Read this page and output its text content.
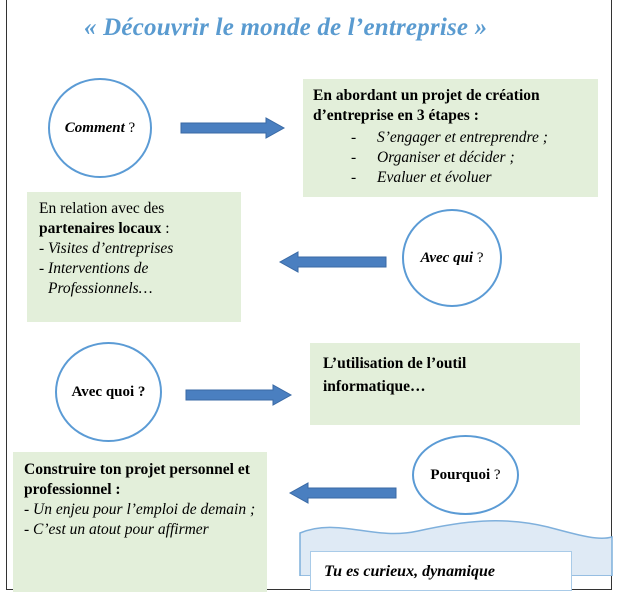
« Découvrir le monde de l’entreprise »
Comment ?
En abordant un projet de création d’entreprise en 3 étapes :
-	S’engager et entreprendre ;
-	Organiser et décider ;
-	Evaluer et évoluer
En relation avec des
partenaires locaux :
- Visites d’entreprises
- Interventions de
Professionnels…
Avec qui ?
Avec quoi ?
L’utilisation de l’outil informatique…
Construire ton projet personnel et professionnel :
- Un enjeu pour l’emploi de demain ;
- C’est un atout pour affirmer
Pourquoi ?

Tu es curieux, dynamique
